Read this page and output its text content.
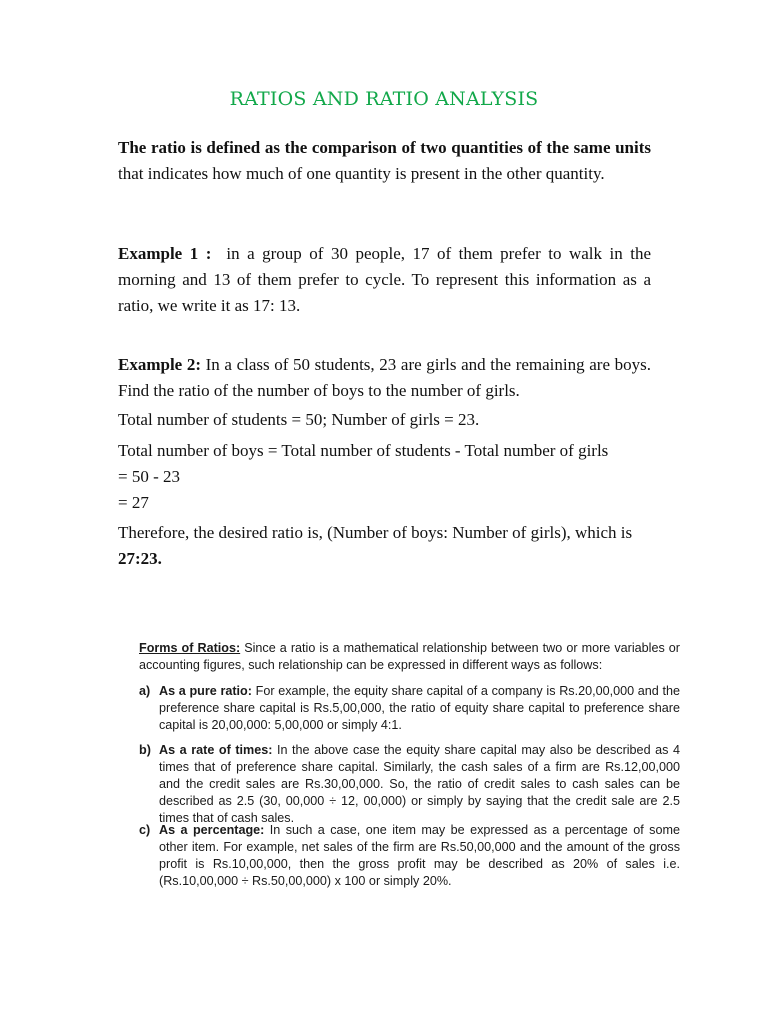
RATIOS AND RATIO ANALYSIS

The ratio is defined as the comparison of two quantities of the same units that indicates how much of one quantity is present in the other quantity.

Example 1 :  in a group of 30 people, 17 of them prefer to walk in the morning and 13 of them prefer to cycle. To represent this information as a ratio, we write it as 17: 13.

Example 2: In a class of 50 students, 23 are girls and the remaining are boys. Find the ratio of the number of boys to the number of girls.

Total number of students = 50; Number of girls = 23.

Total number of boys = Total number of students - Total number of girls

= 50 - 23

= 27

Therefore, the desired ratio is, (Number of boys: Number of girls), which is 27:23.

Forms of Ratios: Since a ratio is a mathematical relationship between two or more variables or accounting figures, such relationship can be expressed in different ways as follows:
a) As a pure ratio: For example, the equity share capital of a company is Rs.20,00,000 and the preference share capital is Rs.5,00,000, the ratio of equity share capital to preference share capital is 20,00,000: 5,00,000 or simply 4:1.

b) As a rate of times: In the above case the equity share capital may also be described as 4 times that of preference share capital. Similarly, the cash sales of a firm are Rs.12,00,000 and the credit sales are Rs.30,00,000. So, the ratio of credit sales to cash sales can be described as 2.5 (30, 00,000 ÷ 12, 00,000) or simply by saying that the credit sale are 2.5 times that of cash sales.

c) As a percentage: In such a case, one item may be expressed as a percentage of some other item. For example, net sales of the firm are Rs.50,00,000 and the amount of the gross profit is Rs.10,00,000, then the gross profit may be described as 20% of sales i.e. (Rs.10,00,000 ÷ Rs.50,00,000) x 100 or simply 20%.
